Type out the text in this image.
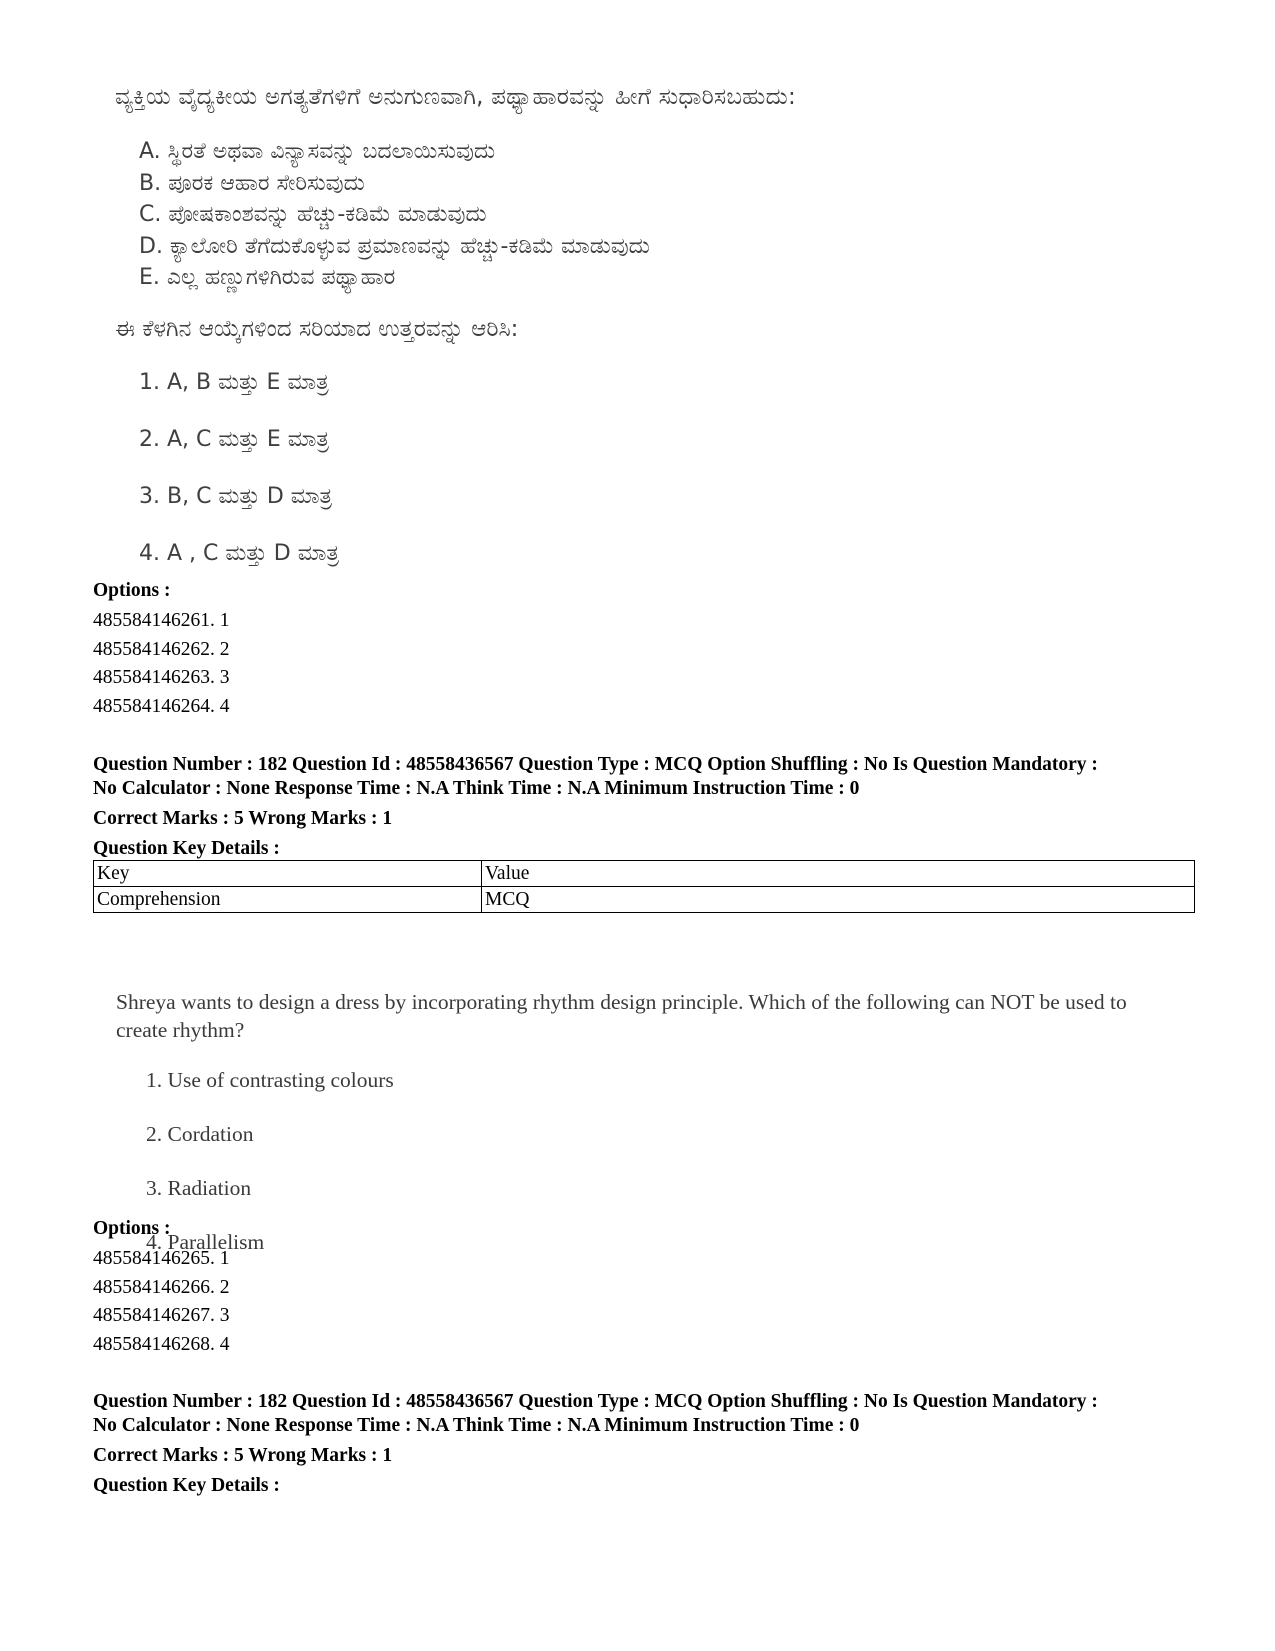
ವ್ಯಕ್ತಿಯ ವೈದ್ಯಕೀಯ ಅಗತ್ಯತೆಗಳಿಗೆ ಅನುಗುಣವಾಗಿ, ಪಥ್ಯಾಹಾರವನ್ನು ಹೀಗೆ ಸುಧಾರಿಸಬಹುದು:
A. ಸ್ಥಿರತೆ ಅಥವಾ ವಿನ್ಯಾಸವನ್ನು ಬದಲಾಯಿಸುವುದು
B. ಪೂರಕ ಆಹಾರ ಸೇರಿಸುವುದು
C. ಪೋಷಕಾಂಶವನ್ನು ಹೆಚ್ಚು-ಕಡಿಮೆ ಮಾಡುವುದು
D. ಕ್ಯಾಲೋರಿ ತೆಗೆದುಕೊಳ್ಳುವ ಪ್ರಮಾಣವನ್ನು ಹೆಚ್ಚು-ಕಡಿಮೆ ಮಾಡುವುದು
E. ಎಲ್ಲ ಹಣ್ಣುಗಳಿಗಿರುವ ಪಥ್ಯಾಹಾರ
ಈ ಕೆಳಗಿನ ಆಯ್ಕೆಗಳಿಂದ ಸರಿಯಾದ ಉತ್ತರವನ್ನು ಆರಿಸಿ:
1. A, B ಮತ್ತು E ಮಾತ್ರ
2. A, C ಮತ್ತು E ಮಾತ್ರ
3. B, C ಮತ್ತು D ಮಾತ್ರ
4. A , C ಮತ್ತು D ಮಾತ್ರ
Options :
485584146261. 1
485584146262. 2
485584146263. 3
485584146264. 4
Question Number : 182 Question Id : 48558436567 Question Type : MCQ Option Shuffling : No Is Question Mandatory :
No Calculator : None Response Time : N.A Think Time : N.A Minimum Instruction Time : 0
Correct Marks : 5 Wrong Marks : 1
Question Key Details :
Key	Value
Comprehension	MCQ
Shreya wants to design a dress by incorporating rhythm design principle. Which of the following can NOT be used to create rhythm?
1. Use of contrasting colours
2. Cordation
3. Radiation
4. Parallelism
Options :
485584146265. 1
485584146266. 2
485584146267. 3
485584146268. 4
Question Number : 182 Question Id : 48558436567 Question Type : MCQ Option Shuffling : No Is Question Mandatory :
No Calculator : None Response Time : N.A Think Time : N.A Minimum Instruction Time : 0
Correct Marks : 5 Wrong Marks : 1
Question Key Details :
